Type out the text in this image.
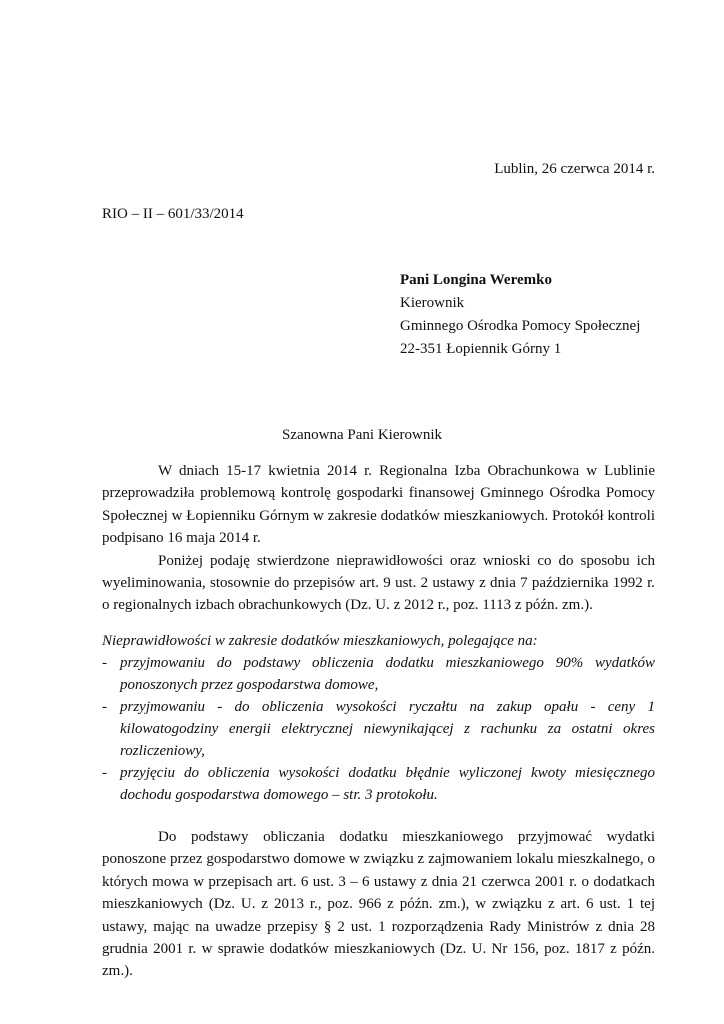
Lublin, 26 czerwca 2014 r.

RIO – II – 601/33/2014

Pani Longina Weremko
Kierownik
Gminnego Ośrodka Pomocy Społecznej
22-351 Łopiennik Górny 1

Szanowna Pani Kierownik

W dniach 15-17 kwietnia 2014 r. Regionalna Izba Obrachunkowa w Lublinie przeprowadziła problemową kontrolę gospodarki finansowej Gminnego Ośrodka Pomocy Społecznej w Łopienniku Górnym w zakresie dodatków mieszkaniowych. Protokół kontroli podpisano 16 maja 2014 r.

Poniżej podaję stwierdzone nieprawidłowości oraz wnioski co do sposobu ich wyeliminowania, stosownie do przepisów art. 9 ust. 2 ustawy z dnia 7 października 1992 r. o regionalnych izbach obrachunkowych (Dz. U. z 2012 r., poz. 1113 z późn. zm.).

Nieprawidłowości w zakresie dodatków mieszkaniowych, polegające na:

- przyjmowaniu do podstawy obliczenia dodatku mieszkaniowego 90% wydatków ponoszonych przez gospodarstwa domowe,
- przyjmowaniu - do obliczenia wysokości ryczałtu na zakup opału - ceny 1 kilowatogodziny energii elektrycznej niewynikającej z rachunku za ostatni okres rozliczeniowy,
- przyjęciu do obliczenia wysokości dodatku błędnie wyliczonej kwoty miesięcznego dochodu gospodarstwa domowego – str. 3 protokołu.

Do podstawy obliczania dodatku mieszkaniowego przyjmować wydatki ponoszone przez gospodarstwo domowe w związku z zajmowaniem lokalu mieszkalnego, o których mowa w przepisach art. 6 ust. 3 – 6 ustawy z dnia 21 czerwca 2001 r. o dodatkach mieszkaniowych (Dz. U. z 2013 r., poz. 966 z późn. zm.), w związku z art. 6 ust. 1 tej ustawy, mając na uwadze przepisy § 2 ust. 1 rozporządzenia Rady Ministrów z dnia 28 grudnia 2001 r. w sprawie dodatków mieszkaniowych (Dz. U. Nr 156, poz. 1817 z późn. zm.).
